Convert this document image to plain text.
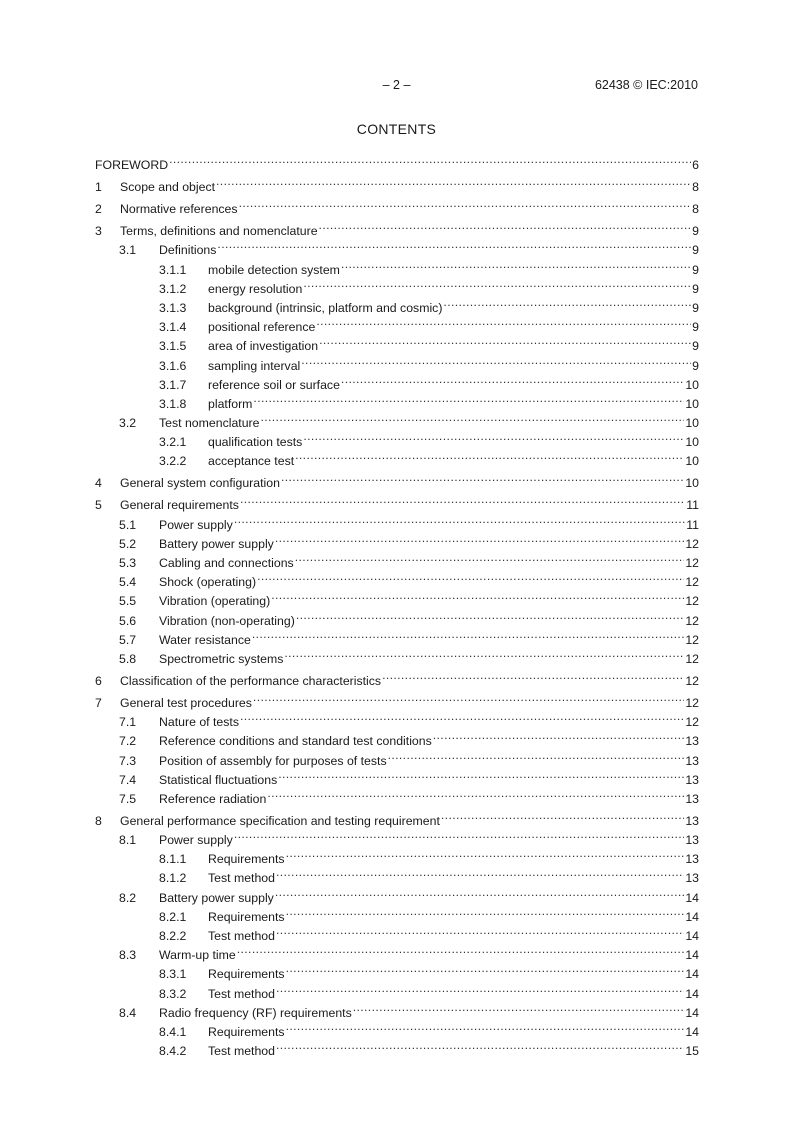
– 2 –	62438 © IEC:2010
CONTENTS
FOREWORD .....	6
1	Scope and object .....	8
2	Normative references .....	8
3	Terms, definitions and nomenclature .....	9
3.1	Definitions .....	9
3.1.1	mobile detection system .....	9
3.1.2	energy resolution .....	9
3.1.3	background (intrinsic, platform and cosmic) .....	9
3.1.4	positional reference .....	9
3.1.5	area of investigation .....	9
3.1.6	sampling interval .....	9
3.1.7	reference soil or surface .....	10
3.1.8	platform .....	10
3.2	Test nomenclature .....	10
3.2.1	qualification tests .....	10
3.2.2	acceptance test .....	10
4	General system configuration .....	10
5	General requirements .....	11
5.1	Power supply .....	11
5.2	Battery power supply .....	12
5.3	Cabling and connections .....	12
5.4	Shock (operating) .....	12
5.5	Vibration (operating) .....	12
5.6	Vibration (non-operating) .....	12
5.7	Water resistance .....	12
5.8	Spectrometric systems .....	12
6	Classification of the performance characteristics .....	12
7	General test procedures .....	12
7.1	Nature of tests .....	12
7.2	Reference conditions and standard test conditions .....	13
7.3	Position of assembly for purposes of tests .....	13
7.4	Statistical fluctuations .....	13
7.5	Reference radiation .....	13
8	General performance specification and testing requirement .....	13
8.1	Power supply .....	13
8.1.1	Requirements .....	13
8.1.2	Test method .....	13
8.2	Battery power supply .....	14
8.2.1	Requirements .....	14
8.2.2	Test method .....	14
8.3	Warm-up time .....	14
8.3.1	Requirements .....	14
8.3.2	Test method .....	14
8.4	Radio frequency (RF) requirements .....	14
8.4.1	Requirements .....	14
8.4.2	Test method .....	15
